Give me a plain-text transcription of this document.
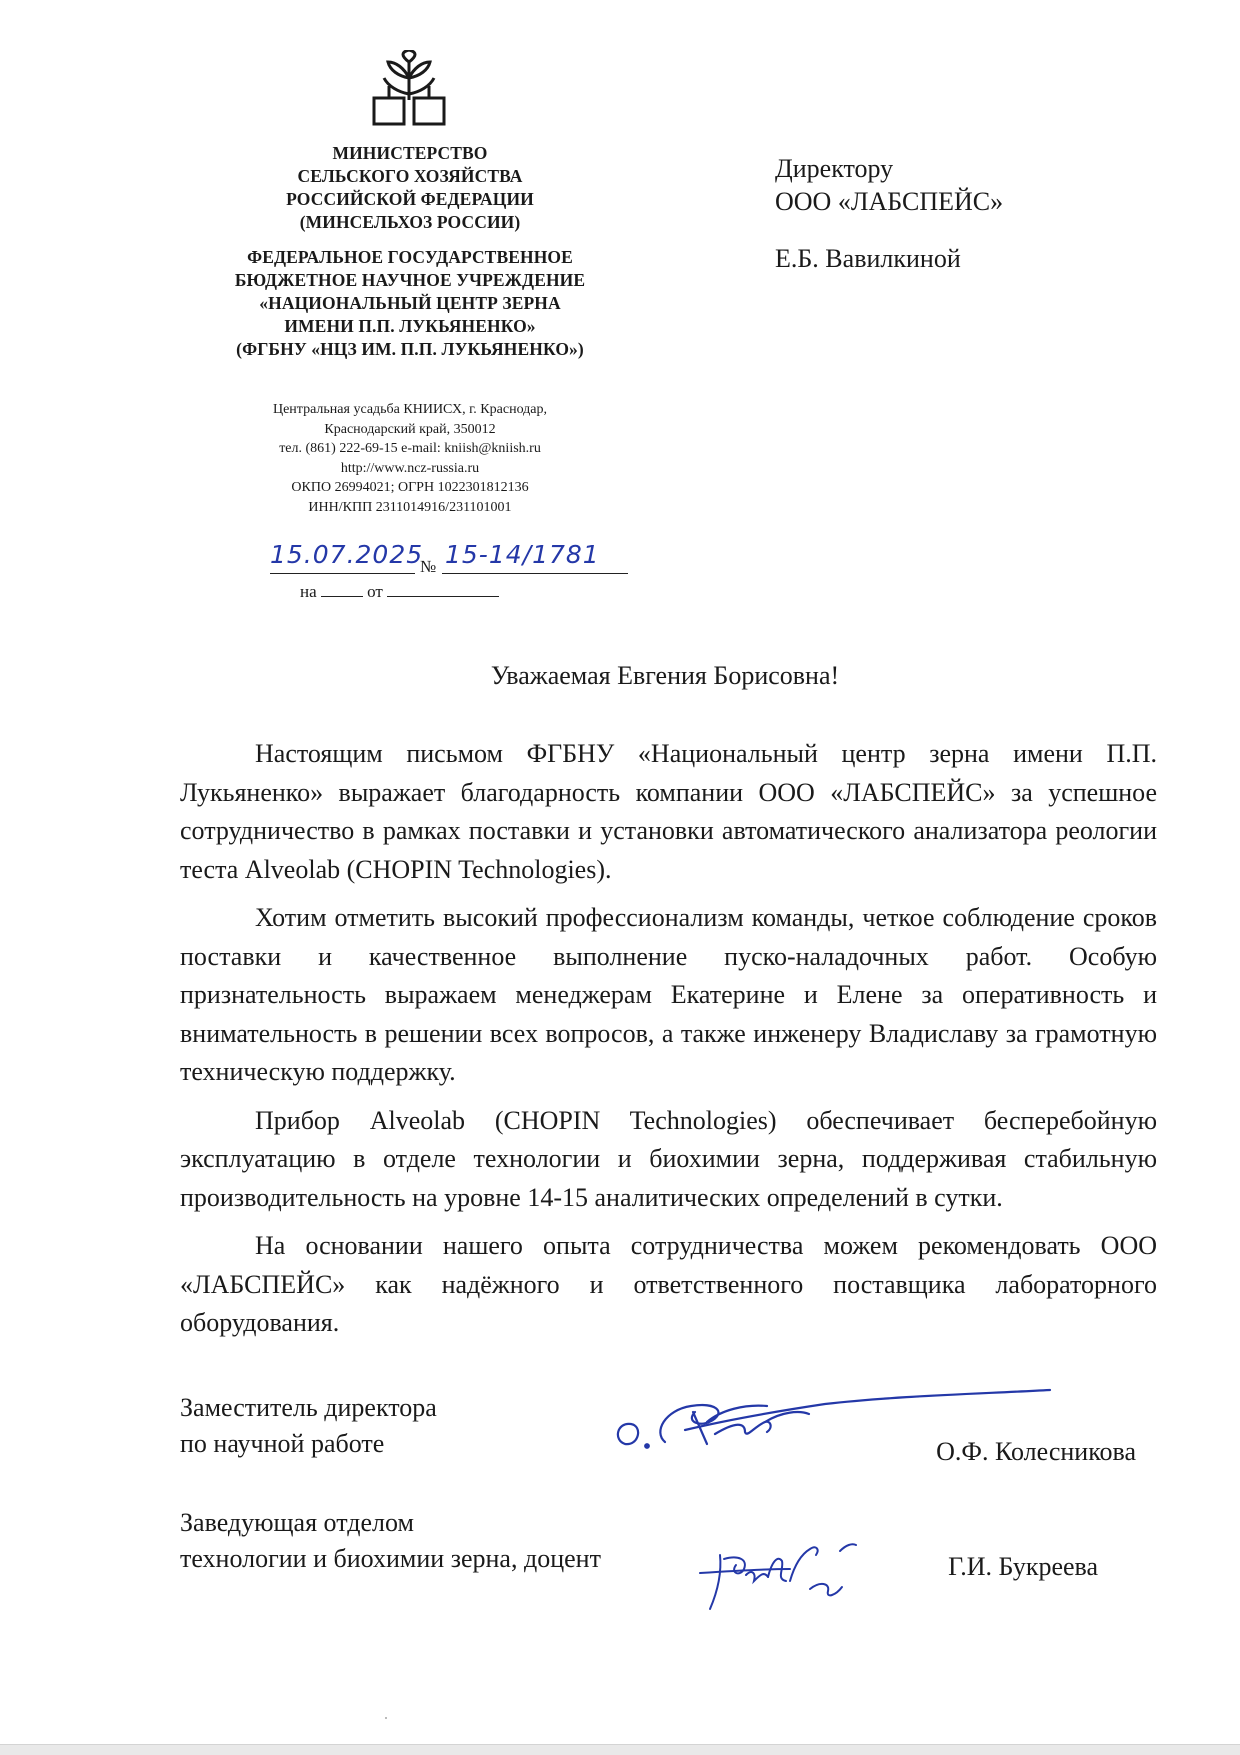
МИНИСТЕРСТВО
СЕЛЬСКОГО ХОЗЯЙСТВА
РОССИЙСКОЙ ФЕДЕРАЦИИ
(МИНСЕЛЬХОЗ РОССИИ)
ФЕДЕРАЛЬНОЕ ГОСУДАРСТВЕННОЕ
БЮДЖЕТНОЕ НАУЧНОЕ УЧРЕЖДЕНИЕ
«НАЦИОНАЛЬНЫЙ ЦЕНТР ЗЕРНА
ИМЕНИ П.П. ЛУКЬЯНЕНКО»
(ФГБНУ «НЦЗ ИМ. П.П. ЛУКЬЯНЕНКО»)
Центральная усадьба КНИИСХ, г. Краснодар,
Краснодарский край, 350012
тел. (861) 222-69-15 e-mail: kniish@kniish.ru
http://www.ncz-russia.ru
ОКПО 26994021; ОГРН 1022301812136
ИНН/КПП 2311014916/231101001
15.07.2025
№ 15-14/1781
на	от
Директору
ООО «ЛАБСПЕЙС»
Е.Б. Вавилкиной
Уважаемая Евгения Борисовна!

Настоящим письмом ФГБНУ «Национальный центр зерна имени П.П. Лукьяненко» выражает благодарность компании ООО «ЛАБСПЕЙС» за успешное сотрудничество в рамках поставки и установки автоматического анализатора реологии теста Alveolab (CHOPIN Technologies).

Хотим отметить высокий профессионализм команды, четкое соблюдение сроков поставки и качественное выполнение пуско-наладочных работ. Особую признательность выражаем менеджерам Екатерине и Елене за оперативность и внимательность в решении всех вопросов, а также инженеру Владиславу за грамотную техническую поддержку.

Прибор Alveolab (CHOPIN Technologies) обеспечивает бесперебойную эксплуатацию в отделе технологии и биохимии зерна, поддерживая стабильную производительность на уровне 14-15 аналитических определений в сутки.

На основании нашего опыта сотрудничества можем рекомендовать ООО «ЛАБСПЕЙС» как надёжного и ответственного поставщика лабораторного оборудования.

Заместитель директора
по научной работе	О.Ф. Колесникова
Заведующая отделом
технологии и биохимии зерна, доцент	Г.И. Букреева
